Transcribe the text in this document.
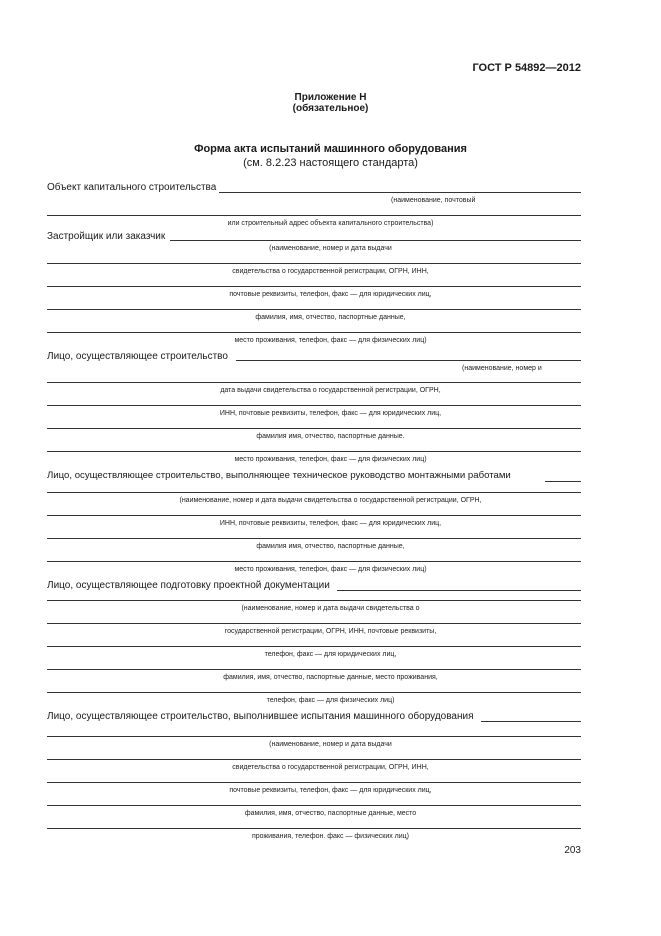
ГОСТ Р 54892—2012
Приложение Н
(обязательное)
Форма акта испытаний машинного оборудования
(см. 8.2.23 настоящего стандарта)
Объект капитального строительства
(наименование, почтовый
или строительный адрес объекта капитального строительства)
Застройщик или заказчик
(наименование, номер и дата выдачи
свидетельства о государственной регистрации, ОГРН, ИНН,
почтовые реквизиты, телефон, факс — для юридических лиц,
фамилия, имя, отчество, паспортные данные,
место проживания, телефон, факс — для физических лиц)
Лицо, осуществляющее строительство
(наименование, номер и
дата выдачи свидетельства о государственной регистрации, ОГРН,
ИНН, почтовые реквизиты, телефон, факс — для юридических лиц,
фамилия имя, отчество, паспортные данные.
место проживания, телефон, факс — для физических лиц)
Лицо, осуществляющее строительство, выполняющее техническое руководство монтажными работами
(наименование, номер и дата выдачи свидетельства о государственной регистрации, ОГРН,
ИНН, почтовые реквизиты, телефон, факс — для юридических лиц,
фамилия имя, отчество, паспортные данные,
место проживания, телефон, факс — для физических лиц)
Лицо, осуществляющее подготовку проектной документации
(наименование, номер и дата выдачи свидетельства о
государственной регистрации, ОГРН, ИНН, почтовые реквизиты,
телефон, факс — для юридических лиц,
фамилия, имя, отчество, паспортные данные, место проживания,
телефон, факс — для физических лиц)
Лицо, осуществляющее строительство, выполнившее испытания машинного оборудования
(наименование, номер и дата выдачи
свидетельства о государственной регистрации, ОГРН, ИНН,
почтовые реквизиты, телефон, факс — для юридических лиц,
фамилия, имя, отчество, паспортные данные, место
проживания, телефон. факс — физических лиц)
203
